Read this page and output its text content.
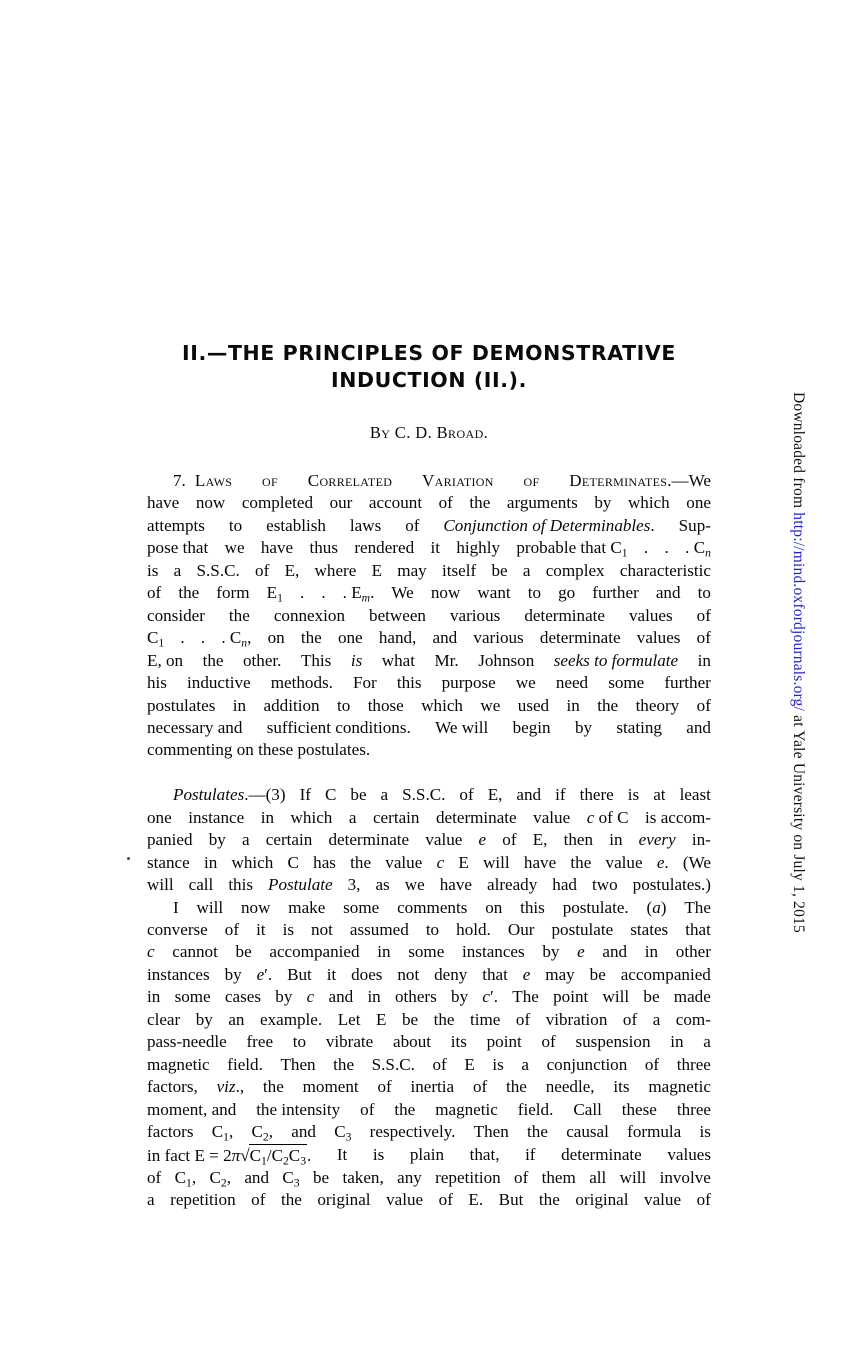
II.—THE PRINCIPLES OF DEMONSTRATIVE
INDUCTION (II.).
By C. D. Broad.
7. Laws of Correlated Variation of Determinates.—We
have now completed our account of the arguments by which one
attempts to establish laws of Conjunction of Determinables. Sup-
pose that we have thus rendered it highly probable that $C_1$ . . . $C_n$
is a S.S.C. of E, where E may itself be a complex characteristic
of the form $E_1$ . . . $E_m$. We now want to go further and to
consider the connexion between various determinate values of
$C_1$ . . . $C_n$, on the one hand, and various determinate values of
E, on the other. This is what Mr. Johnson seeks to formulate in
his inductive methods. For this purpose we need some further
postulates in addition to those which we used in the theory of
necessary and sufficient conditions. We will begin by stating and
commenting on these postulates.
Postulates.—(3) If C be a S.S.C. of E, and if there is at least
one instance in which a certain determinate value c of C is accom-
panied by a certain determinate value e of E, then in every in-
stance in which C has the value c E will have the value e. (We
will call this Postulate 3, as we have already had two postulates.)
I will now make some comments on this postulate. (a) The
converse of it is not assumed to hold. Our postulate states that
c cannot be accompanied in some instances by e and in other
instances by e′. But it does not deny that e may be accompanied
in some cases by c and in others by c′. The point will be made
clear by an example. Let E be the time of vibration of a com-
pass-needle free to vibrate about its point of suspension in a
magnetic field. Then the S.S.C. of E is a conjunction of three
factors, viz., the moment of inertia of the needle, its magnetic
moment, and the intensity of the magnetic field. Call these three
factors $C_1$, $C_2$, and $C_3$ respectively. Then the causal formula is
in fact $E = 2\pi√C_1/C_2C_3$. It is plain that, if determinate values
of $C_1$, $C_2$, and $C_3$ be taken, any repetition of them all will involve
a repetition of the original value of E. But the original value of
Downloaded from http://mind.oxfordjournals.org/ at Yale University on July 1, 2015
